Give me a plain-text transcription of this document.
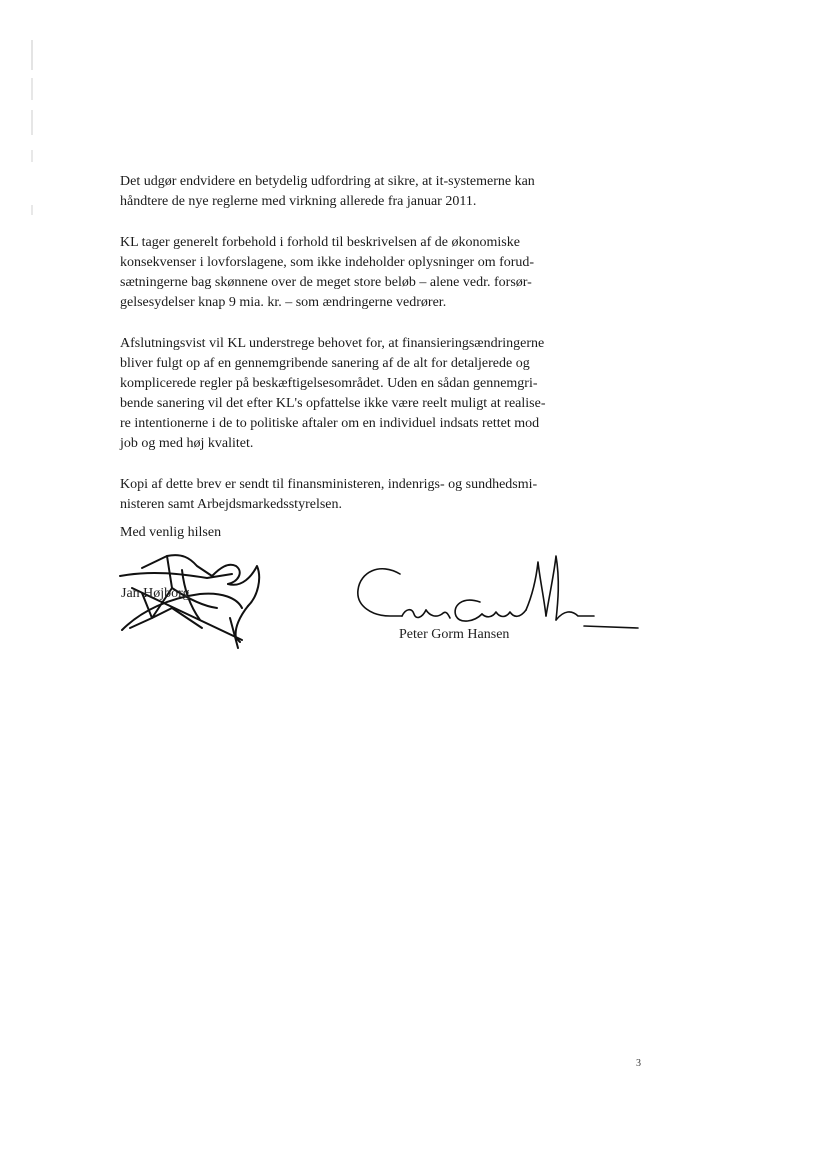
Det udgør endvidere en betydelig udfordring at sikre, at it-systemerne kan
håndtere de nye reglerne med virkning allerede fra januar 2011.

KL tager generelt forbehold i forhold til beskrivelsen af de økonomiske
konsekvenser i lovforslagene, som ikke indeholder oplysninger om forud-
sætningerne bag skønnene over de meget store beløb – alene vedr. forsør-
gelsesydelser knap 9 mia. kr. – som ændringerne vedrører.

Afslutningsvist vil KL understrege behovet for, at finansieringsændringerne
bliver fulgt op af en gennemgribende sanering af de alt for detaljerede og
komplicerede regler på beskæftigelsesområdet. Uden en sådan gennemgri-
bende sanering vil det efter KL's opfattelse ikke være reelt muligt at realise-
re intentionerne i de to politiske aftaler om en individuel indsats rettet mod
job og med høj kvalitet.

Kopi af dette brev er sendt til finansministeren, indenrigs- og sundhedsmi-
nisteren samt Arbejdsmarkedsstyrelsen.

Med venlig hilsen
Jan Højborg
Peter Gorm Hansen
3
